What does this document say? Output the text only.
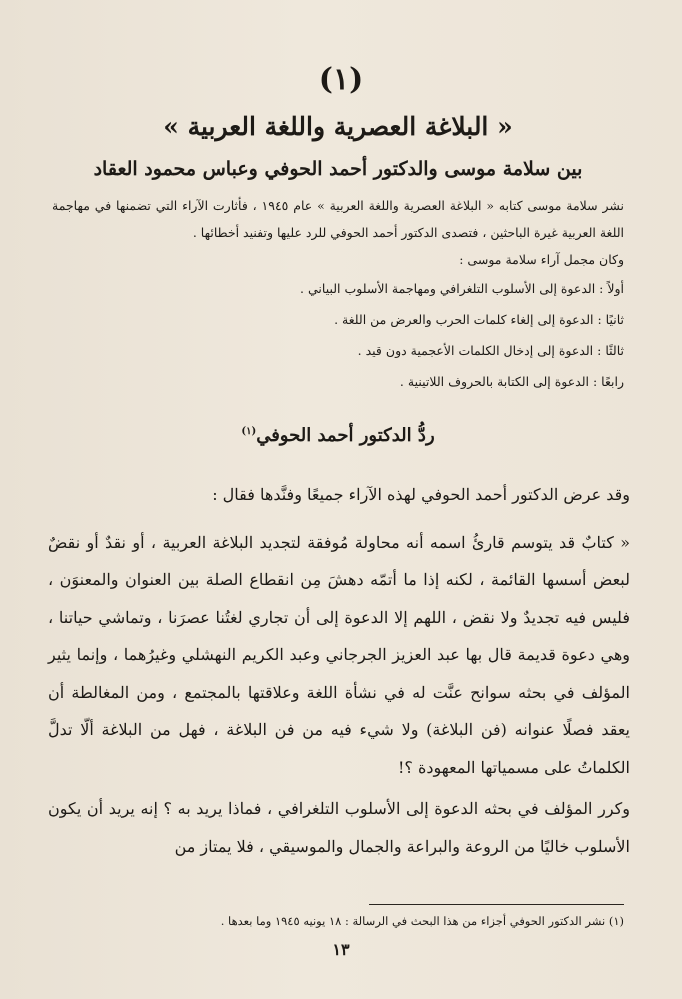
(١)
« البلاغة العصرية واللغة العربية »
بين سلامة موسى والدكتور أحمد الحوفي وعباس محمود العقاد

نشر سلامة موسى كتابه « البلاغة العصرية واللغة العربية » عام ١٩٤٥ ، فأثارت الآراء التي تضمنها في مهاجمة اللغة العربية غيرة الباحثين ، فتصدى الدكتور أحمد الحوفي للرد عليها وتفنيد أخطائها .

وكان مجمل آراء سلامة موسى :

أولاً : الدعوة إلى الأسلوب التلغرافي ومهاجمة الأسلوب البياني .
ثانيًا : الدعوة إلى إلغاء كلمات الحرب والعرض من اللغة .
ثالثًا : الدعوة إلى إدخال الكلمات الأعجمية دون قيد .
رابعًا : الدعوة إلى الكتابة بالحروف اللاتينية .
ردُّ الدكتور أحمد الحوفي$^{(١)}$

وقد عرض الدكتور أحمد الحوفي لهذه الآراء جميعًا وفنَّدها فقال :

« كتابٌ قد يتوسم قارئُ اسمه أنه محاولة مُوفقة لتجديد البلاغة العربية ، أو نقدٌ أو نقضٌ لبعض أسسها القائمة ، لكنه إذا ما أتمّه دهشَ مِن انقطاع الصلة بين العنوان والمعنوَن ، فليس فيه تجديدٌ ولا نقض ، اللهم إلا الدعوة إلى أن تجاري لغتُنا عصرَنا ، وتماشي حياتنا ، وهي دعوة قديمة قال بها عبد العزيز الجرجاني وعبد الكريم النهشلي وغيرُهما ، وإنما يثير المؤلف في بحثه سوانح عنَّت له في نشأة اللغة وعلاقتها بالمجتمع ، ومن المغالطة أن يعقد فصلًا عنوانه (فن البلاغة) ولا شيء فيه من فن البلاغة ، فهل من البلاغة ألّا تدلَّ الكلماتُ على مسمياتها المعهودة ؟!

وكرر المؤلف في بحثه الدعوة إلى الأسلوب التلغرافي ، فماذا يريد به ؟ إنه يريد أن يكون الأسلوب خاليًا من الروعة والبراعة والجمال والموسيقي ، فلا يمتاز من

(١) نشر الدكتور الحوفي أجزاء من هذا البحث في الرسالة : ١٨ يونيه ١٩٤٥ وما بعدها .
١٣
